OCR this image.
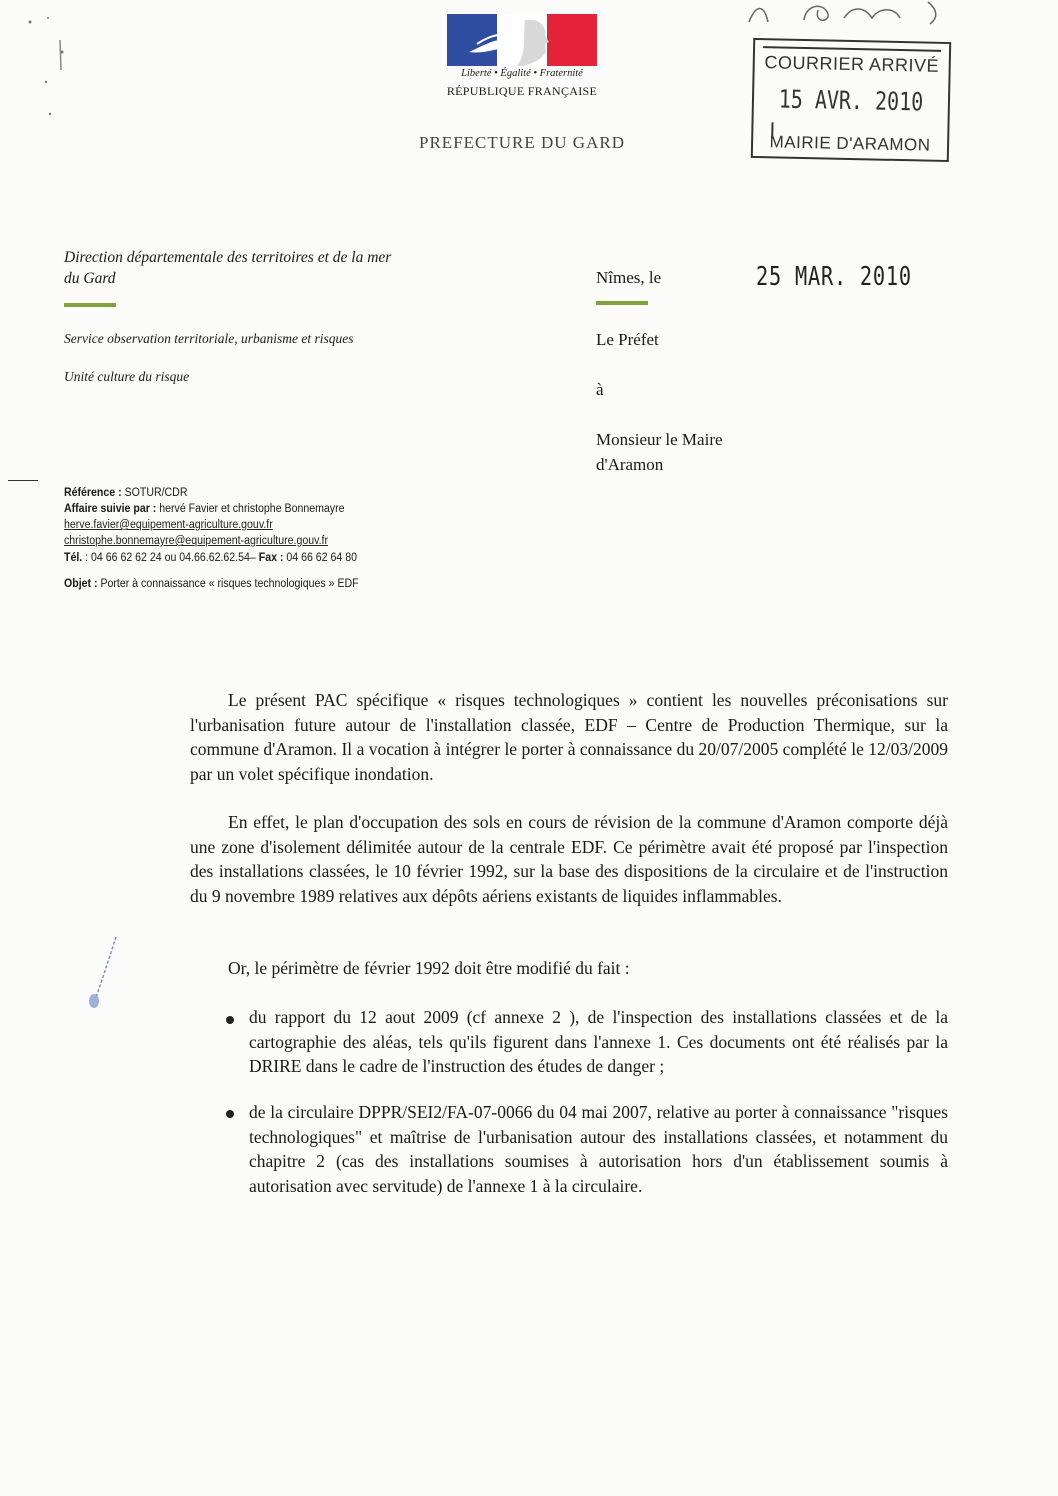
Liberté • Égalité • Fraternité
RÉPUBLIQUE FRANÇAISE
PREFECTURE DU GARD
COURRIER ARRIVÉ
15 AVR. 2010
MAIRIE D'ARAMON
Direction départementale des territoires et de la mer du Gard
Service observation territoriale, urbanisme et risques
Unité culture du risque
Nîmes, le	25 MAR. 2010
Le Préfet
à
Monsieur le Maire
d'Aramon
Référence : SOTUR/CDR
Affaire suivie par : hervé Favier et christophe Bonnemayre
herve.favier@equipement-agriculture.gouv.fr
christophe.bonnemayre@equipement-agriculture.gouv.fr
Tél. : 04 66 62 62 24 ou 04.66.62.62.54– Fax : 04 66 62 64 80
Objet : Porter à connaissance « risques technologiques » EDF
Le présent PAC spécifique « risques technologiques » contient les nouvelles préconisations sur l'urbanisation future autour de l'installation classée, EDF – Centre de Production Thermique, sur la commune d'Aramon. Il a vocation à intégrer le porter à connaissance du 20/07/2005 complété le 12/03/2009 par un volet spécifique inondation.
En effet, le plan d'occupation des sols en cours de révision de la commune d'Aramon comporte déjà une zone d'isolement délimitée autour de la centrale EDF. Ce périmètre avait été proposé par l'inspection des installations classées, le 10 février 1992, sur la base des dispositions de la circulaire et de l'instruction du 9 novembre 1989 relatives aux dépôts aériens existants de liquides inflammables.
Or, le périmètre de février 1992 doit être modifié du fait :
du rapport du 12 aout 2009 (cf annexe 2 ), de l'inspection des installations classées et de la cartographie des aléas, tels qu'ils figurent dans l'annexe 1. Ces documents ont été réalisés par la DRIRE dans le cadre de l'instruction des études de danger ;
de la circulaire DPPR/SEI2/FA-07-0066 du 04 mai 2007, relative au porter à connaissance "risques technologiques" et maîtrise de l'urbanisation autour des installations classées, et notamment du chapitre 2 (cas des installations soumises à autorisation hors d'un établissement soumis à autorisation avec servitude) de l'annexe 1 à la circulaire.
